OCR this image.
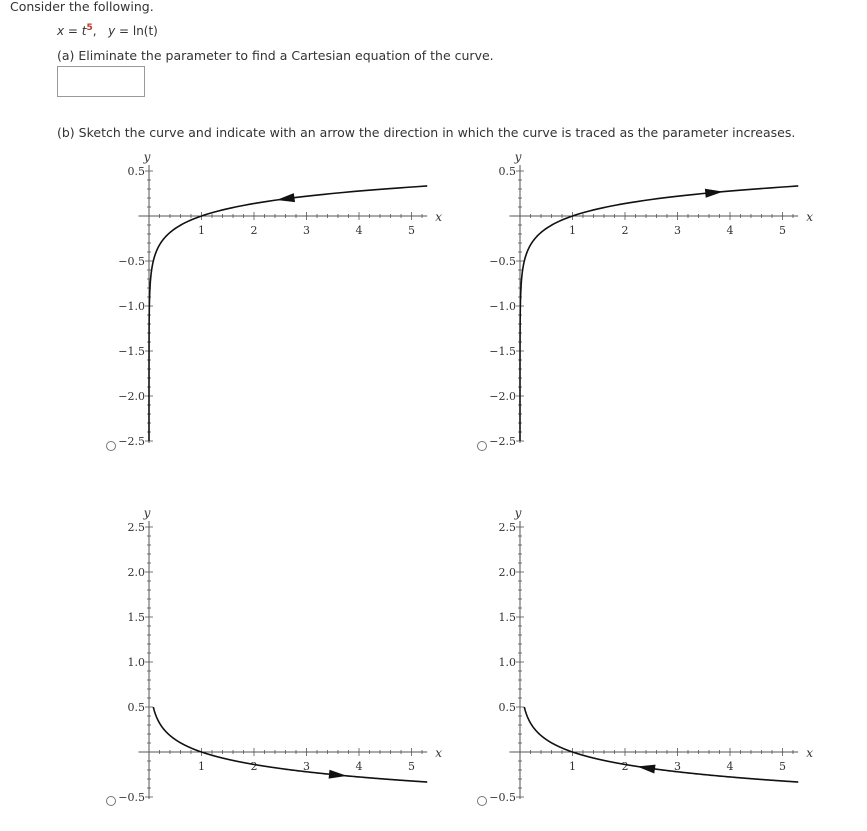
Consider the following.
$x = t^5$, y = ln(t)
(a) Eliminate the parameter to find a Cartesian equation of the curve.
(b) Sketch the curve and indicate with an arrow the direction in which the curve is traced as the parameter increases.
1	2	3	4	5
0.5
−0.5
−1.0
−1.5
−2.0
−2.5
x
y
1	2	3	4	5
0.5
−0.5
−1.0
−1.5
−2.0
−2.5
x
y
1	2	3	4	5
2.5
2.0
1.5
1.0
0.5
−0.5
x
y
1	2	3	4	5
2.5
2.0
1.5
1.0
0.5
−0.5
x
y
